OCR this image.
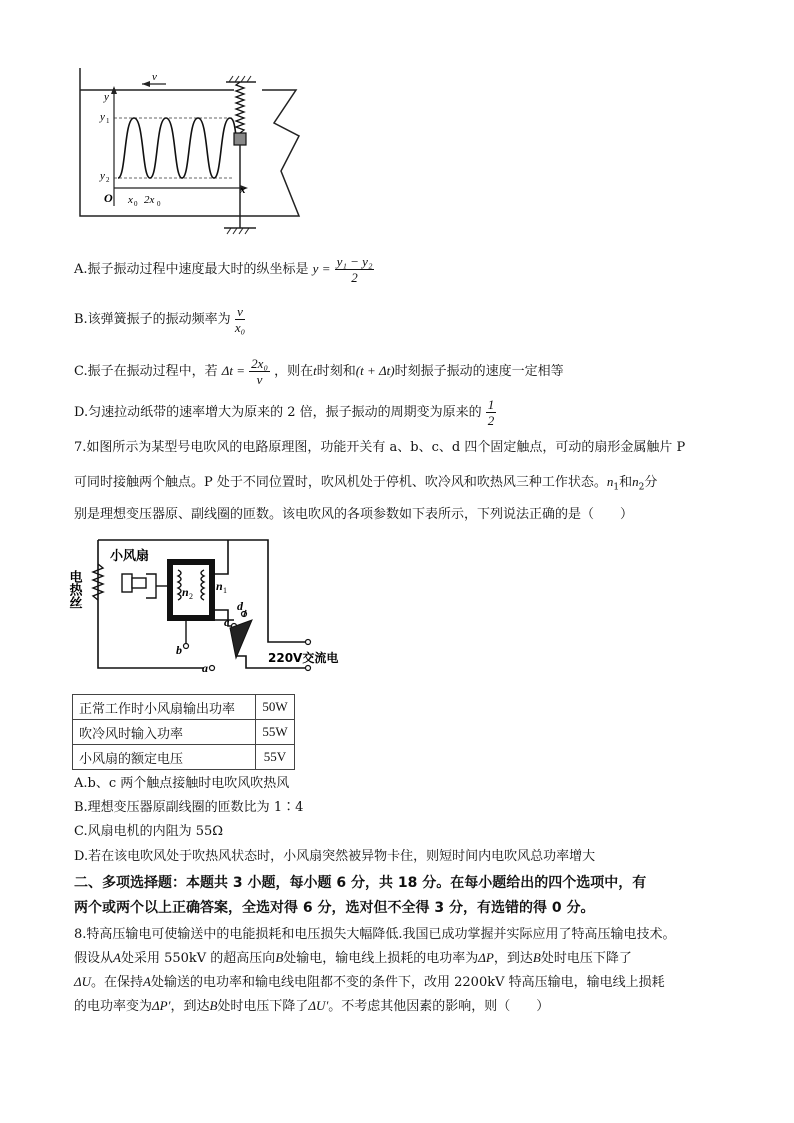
v
y
y 1
y 2
O
x
x 0 2x 0
A.振子振动过程中速度最大时的纵坐标是 $y = \frac{\text{y₁ − y₂}}{2}$
B.该弹簧振子的振动频率为 $\frac{v}{\text{x₀}}$
C.振子在振动过程中，若 $\Delta t = \frac{\text{2x₀}}{v}$ ，则在t时刻和(t + Δt)时刻振子振动的速度一定相等
D.匀速拉动纸带的速率增大为原来的 2 倍，振子振动的周期变为原来的 $\frac{1}{2}$
7.如图所示为某型号电吹风的电路原理图，功能开关有 a、b、c、d 四个固定触点，可动的扇形金属触片 P
可同时接触两个触点。P 处于不同位置时，吹风机处于停机、吹冷风和吹热风三种工作状态。$n_1$和$n_2$分
别是理想变压器原、副线圈的匝数。该电吹风的各项参数如下表所示，下列说法正确的是（　　）
电热丝
小风扇
n 2
n 1
a
b
c
d
220V交流电
正常工作时小风扇输出功率	50W
吹冷风时输入功率	55W
小风扇的额定电压	55V
A.b、c 两个触点接触时电吹风吹热风
B.理想变压器原副线圈的匝数比为 1∶4
C.风扇电机的内阻为 55Ω
D.若在该电吹风处于吹热风状态时，小风扇突然被异物卡住，则短时间内电吹风总功率增大
二、多项选择题：本题共 3 小题，每小题 6 分，共 18 分。在每小题给出的四个选项中，有
两个或两个以上正确答案，全选对得 6 分，选对但不全得 3 分，有选错的得 0 分。
8.特高压输电可使输送中的电能损耗和电压损失大幅降低.我国已成功掌握并实际应用了特高压输电技术。
假设从A处采用 550kV 的超高压向B处输电，输电线上损耗的电功率为ΔP，到达B处时电压下降了
ΔU。在保持A处输送的电功率和输电线电阻都不变的条件下，改用 2200kV 特高压输电，输电线上损耗
的电功率变为ΔP′，到达B处时电压下降了ΔU′。不考虑其他因素的影响，则（　　）
